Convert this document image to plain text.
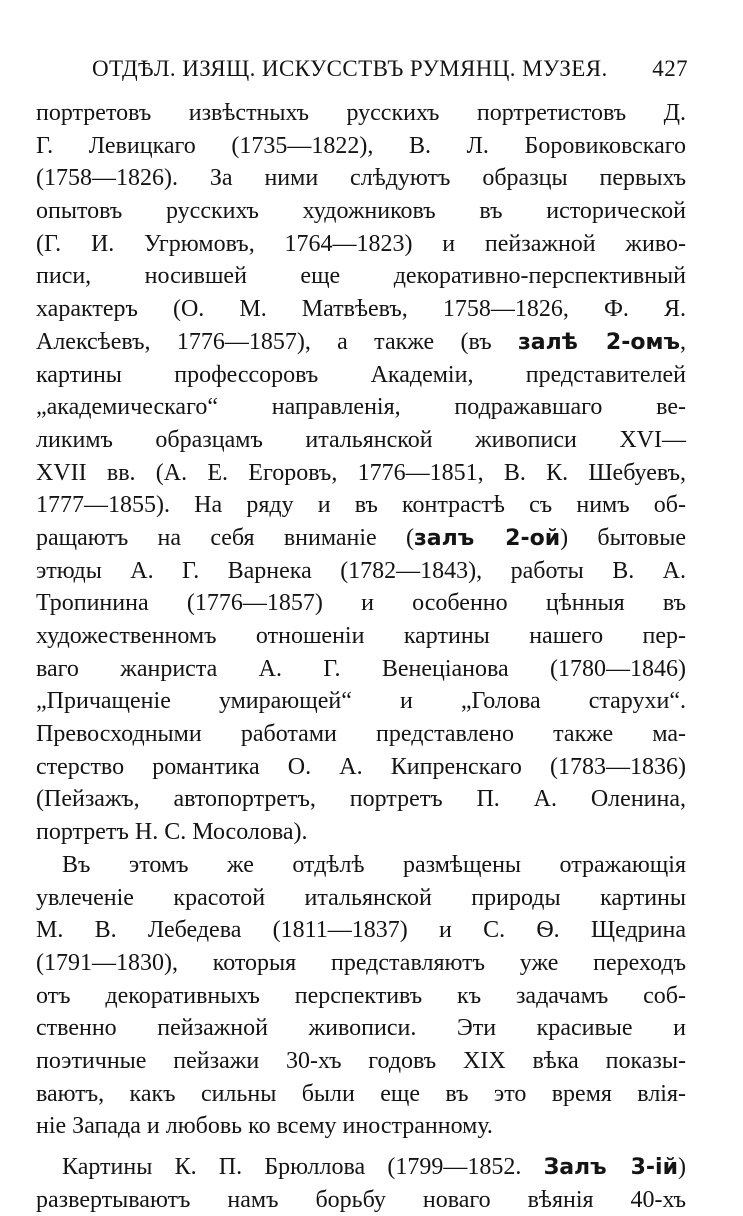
ОТДѢЛ. ИЗЯЩ. ИСКУССТВЪ РУМЯНЦ. МУЗЕЯ. 427
портретовъ извѣстныхъ русскихъ портретистовъ Д.
Г. Левицкаго (1735—1822), В. Л. Боровиковскаго
(1758—1826). За ними слѣдуютъ образцы первыхъ
опытовъ русскихъ художниковъ въ исторической
(Г. И. Угрюмовъ, 1764—1823) и пейзажной живо-
писи, носившей еще декоративно-перспективный
характеръ (О. М. Матвѣевъ, 1758—1826, Ф. Я.
Алексѣевъ, 1776—1857), а также (въ залѣ 2-омъ,
картины профессоровъ Академіи, представителей
„академическаго“ направленія, подражавшаго ве-
ликимъ образцамъ итальянской живописи XVI—
XVII вв. (А. Е. Егоровъ, 1776—1851, В. К. Шебуевъ,
1777—1855). На ряду и въ контрастѣ съ нимъ об-
ращаютъ на себя вниманіе (залъ 2-ой) бытовые
этюды А. Г. Варнека (1782—1843), работы В. А.
Тропинина (1776—1857) и особенно цѣнныя въ
художественномъ отношеніи картины нашего пер-
ваго жанриста А. Г. Венеціанова (1780—1846)
„Причащеніе умирающей“ и „Голова старухи“.
Превосходными работами представлено также ма-
стерство романтика О. А. Кипренскаго (1783—1836)
(Пейзажъ, автопортретъ, портретъ П. А. Оленина,
портретъ Н. С. Мосолова).
Въ этомъ же отдѣлѣ размѣщены отражающія
увлеченіе красотой итальянской природы картины
М. В. Лебедева (1811—1837) и С. Ѳ. Щедрина
(1791—1830), которыя представляютъ уже переходъ
отъ декоративныхъ перспективъ къ задачамъ соб-
ственно пейзажной живописи. Эти красивые и
поэтичные пейзажи 30-хъ годовъ XIX вѣка показы-
ваютъ, какъ сильны были еще въ это время влія-
ніе Запада и любовь ко всему иностранному.
Картины К. П. Брюллова (1799—1852. Залъ 3-ій)
развертываютъ намъ борьбу новаго вѣянія 40-хъ
